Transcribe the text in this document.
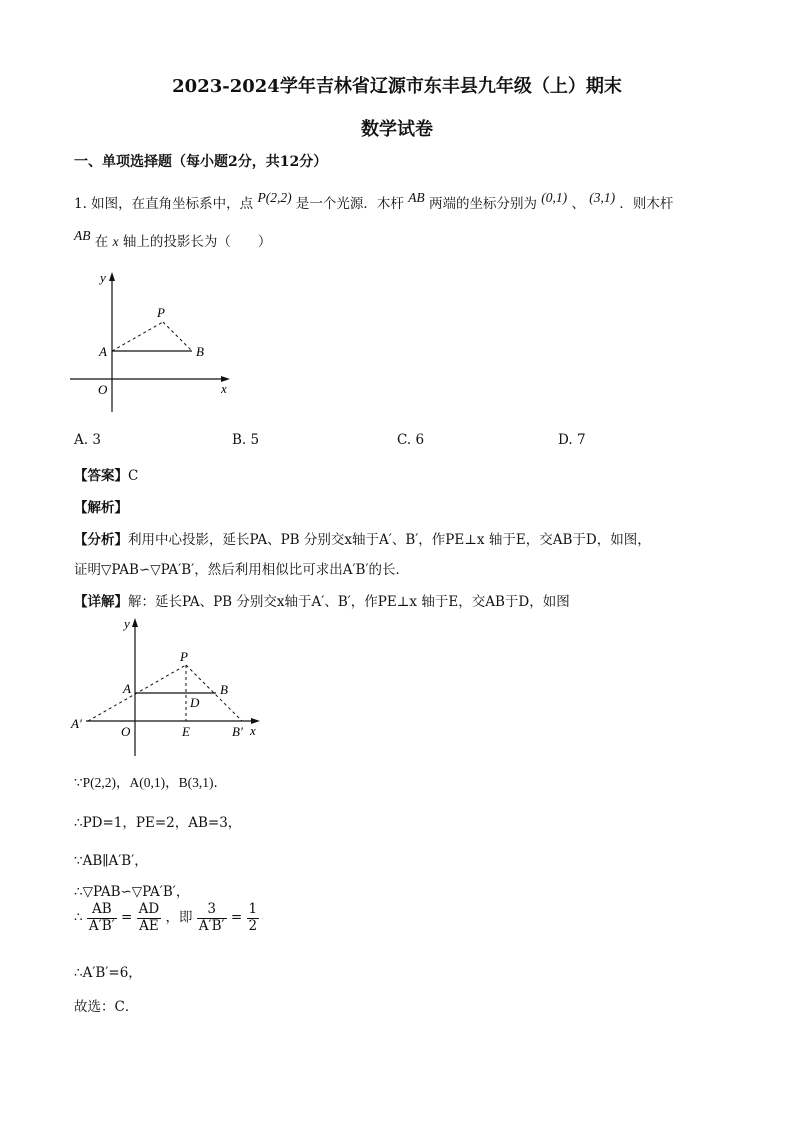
2023-2024学年吉林省辽源市东丰县九年级（上）期末
数学试卷
一、单项选择题（每小题2分，共12分）
1. 如图，在直角坐标系中，点 P(2,2) 是一个光源．木杆 AB 两端的坐标分别为 (0,1) 、 (3,1) ．则木杆
AB 在 x 轴上的投影长为（　　）
y
x
O
P
A	B
A. 3	B. 5	C. 6	D. 7
【答案】C
【解析】
【分析】利用中心投影，延长PA、PB 分别交x轴于A′、B′，作PE⊥x 轴于E，交AB于D，如图，
证明▽PAB∽▽PA′B′，然后利用相似比可求出A′B′的长．
【详解】解：延长PA、PB 分别交x轴于A′、B′，作PE⊥x 轴于E，交AB于D，如图
y
x
O
P
A	B
D
E
A′
B′
∵P(2,2)，A(0,1)，B(3,1)．
∴PD=1，PE=2，AB=3，
∵AB∥A′B′，
∴▽PAB∽▽PA′B′，
∴ $\frac{AB}{A'B'} = \frac{AD}{AE}$ ，即 $\frac{3}{A'B'} = \frac{1}{2}$
∴A′B′=6，
故选：C．
